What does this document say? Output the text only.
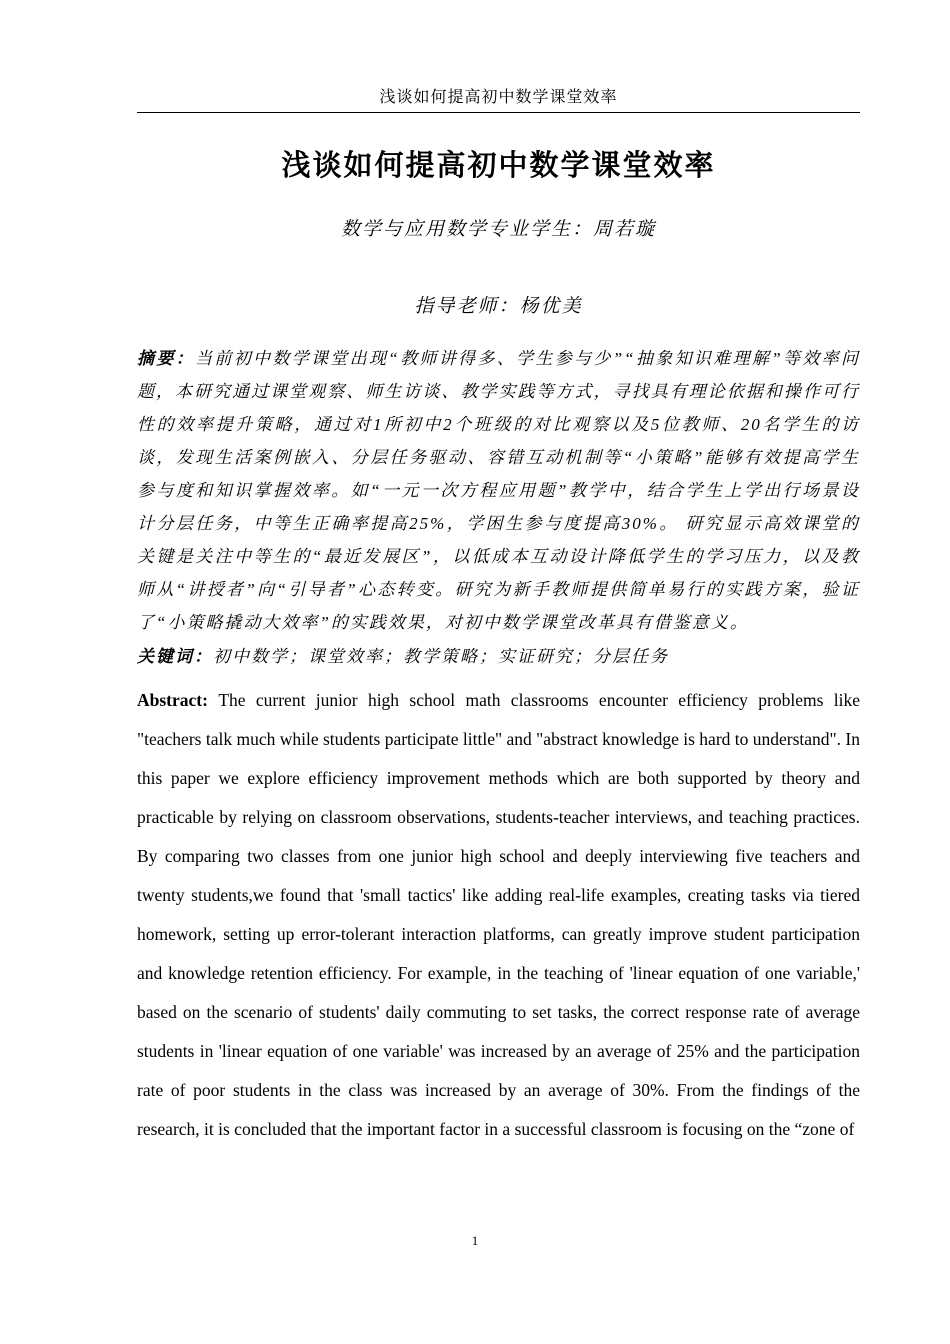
浅谈如何提高初中数学课堂效率
浅谈如何提高初中数学课堂效率
数学与应用数学专业学生：周若璇
指导老师：杨优美

摘要：当前初中数学课堂出现“教师讲得多、学生参与少”“抽象知识难理解”等效率问题，本研究通过课堂观察、师生访谈、教学实践等方式，寻找具有理论依据和操作可行性的效率提升策略，通过对1所初中2个班级的对比观察以及5位教师、20名学生的访谈，发现生活案例嵌入、分层任务驱动、容错互动机制等“小策略”能够有效提高学生参与度和知识掌握效率。如“一元一次方程应用题”教学中，结合学生上学出行场景设计分层任务，中等生正确率提高25%，学困生参与度提高30%。 研究显示高效课堂的关键是关注中等生的“最近发展区”，以低成本互动设计降低学生的学习压力，以及教师从“讲授者”向“引导者”心态转变。研究为新手教师提供简单易行的实践方案，验证了“小策略撬动大效率”的实践效果，对初中数学课堂改革具有借鉴意义。

关键词：初中数学；课堂效率；教学策略；实证研究；分层任务

Abstract: The current junior high school math classrooms encounter efficiency problems like "teachers talk much while students participate little" and "abstract knowledge is hard to understand". In this paper we explore efficiency improvement methods which are both supported by theory and practicable by relying on classroom observations, students-teacher interviews, and teaching practices. By comparing two classes from one junior high school and deeply interviewing five teachers and twenty students,we found that 'small tactics' like adding real-life examples, creating tasks via tiered homework, setting up error-tolerant interaction platforms, can greatly improve student participation and knowledge retention efficiency. For example, in the teaching of 'linear equation of one variable,' based on the scenario of students' daily commuting to set tasks, the correct response rate of average students in 'linear equation of one variable' was increased by an average of 25% and the participation rate of poor students in the class was increased by an average of 30%. From the findings of the research, it is concluded that the important factor in a successful classroom is focusing on the “zone of

1
